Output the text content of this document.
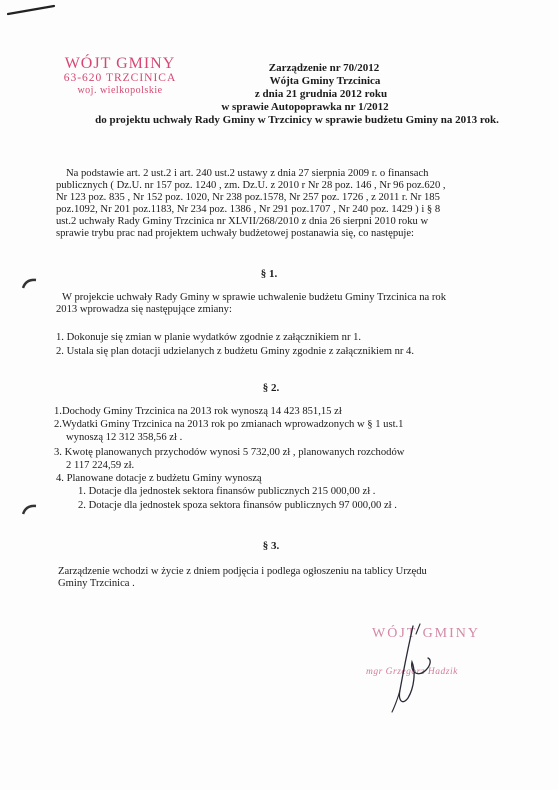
WÓJT GMINY
63-620 TRZCINICA
woj. wielkopolskie
Zarządzenie nr 70/2012
Wójta Gminy Trzcinica
z dnia 21 grudnia 2012 roku
w sprawie Autopoprawka nr 1/2012
do projektu uchwały Rady Gminy w Trzcinicy w sprawie budżetu Gminy na 2013 rok.
Na podstawie art. 2 ust.2 i art. 240 ust.2 ustawy z dnia 27 sierpnia 2009 r. o finansach
publicznych ( Dz.U. nr 157 poz. 1240 , zm. Dz.U. z 2010 r Nr 28 poz. 146 , Nr 96 poz.620 ,
Nr 123 poz. 835 , Nr 152 poz. 1020, Nr 238 poz.1578, Nr 257 poz. 1726 , z 2011 r. Nr 185
poz.1092, Nr 201 poz.1183, Nr 234 poz. 1386 , Nr 291 poz.1707 , Nr 240 poz. 1429 ) i § 8
ust.2 uchwały Rady Gminy Trzcinica nr XLVII/268/2010 z dnia 26 sierpni 2010 roku w
sprawie trybu prac nad projektem uchwały budżetowej postanawia się, co następuje:
§ 1.
W projekcie uchwały Rady Gminy w sprawie uchwalenie budżetu Gminy Trzcinica na rok
2013 wprowadza się następujące zmiany:
1. Dokonuje się zmian w planie wydatków zgodnie z załącznikiem nr 1.
2. Ustala się plan dotacji udzielanych z budżetu Gminy zgodnie z załącznikiem nr 4.
§ 2.
1.Dochody Gminy Trzcinica na 2013 rok wynoszą 14 423 851,15 zł
2.Wydatki Gminy Trzcinica na 2013 rok po zmianach wprowadzonych w § 1 ust.1
wynoszą 12 312 358,56 zł .
3. Kwotę planowanych przychodów wynosi 5 732,00 zł , planowanych rozchodów
2 117 224,59 zł.
4. Planowane dotacje z budżetu Gminy wynoszą
1. Dotacje dla jednostek sektora finansów publicznych 215 000,00 zł .
2. Dotacje dla jednostek spoza sektora finansów publicznych 97 000,00 zł .
§ 3.
Zarządzenie wchodzi w życie z dniem podjęcia i podlega ogłoszeniu na tablicy Urzędu
Gminy Trzcinica .
WÓJT GMINY
mgr Grzegorz Hadzik
